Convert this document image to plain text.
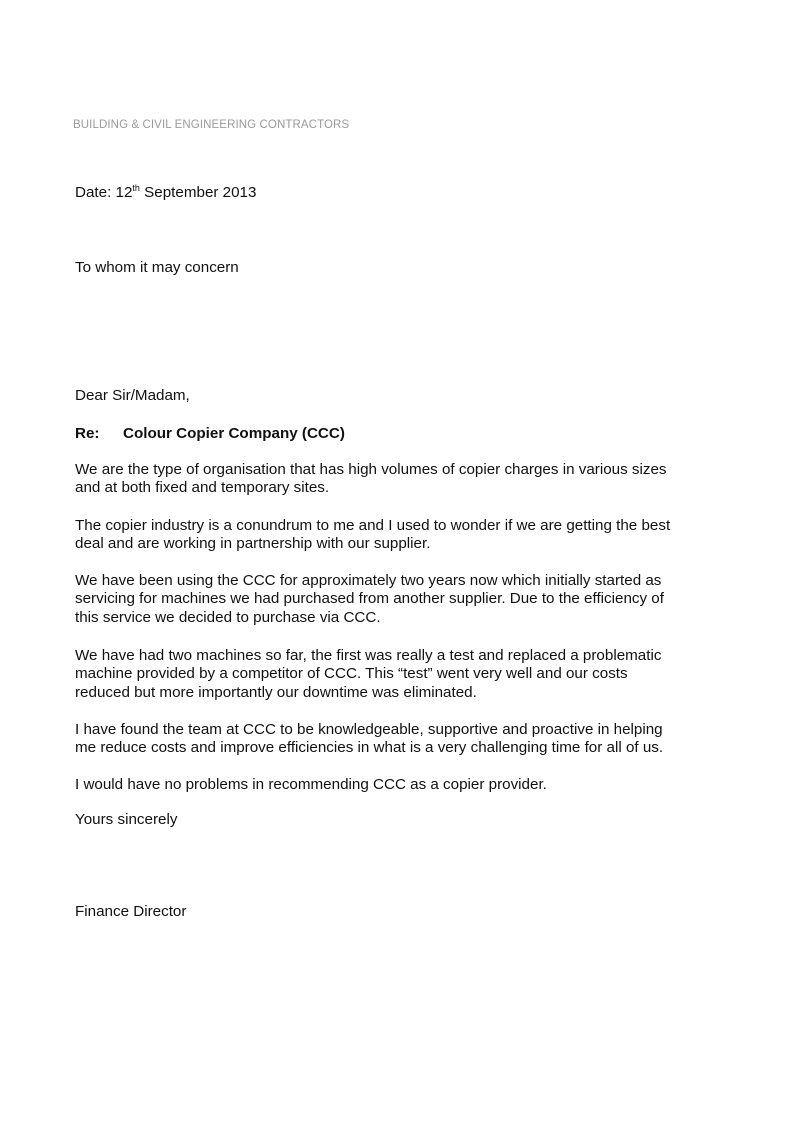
BUILDING & CIVIL ENGINEERING CONTRACTORS
Date: 12th September 2013
To whom it may concern
Dear Sir/Madam,
Re: Colour Copier Company (CCC)
We are the type of organisation that has high volumes of copier charges in various sizes
and at both fixed and temporary sites.
The copier industry is a conundrum to me and I used to wonder if we are getting the best
deal and are working in partnership with our supplier.
We have been using the CCC for approximately two years now which initially started as
servicing for machines we had purchased from another supplier. Due to the efficiency of
this service we decided to purchase via CCC.
We have had two machines so far, the first was really a test and replaced a problematic
machine provided by a competitor of CCC. This “test” went very well and our costs
reduced but more importantly our downtime was eliminated.
I have found the team at CCC to be knowledgeable, supportive and proactive in helping
me reduce costs and improve efficiencies in what is a very challenging time for all of us.
I would have no problems in recommending CCC as a copier provider.
Yours sincerely
Finance Director
